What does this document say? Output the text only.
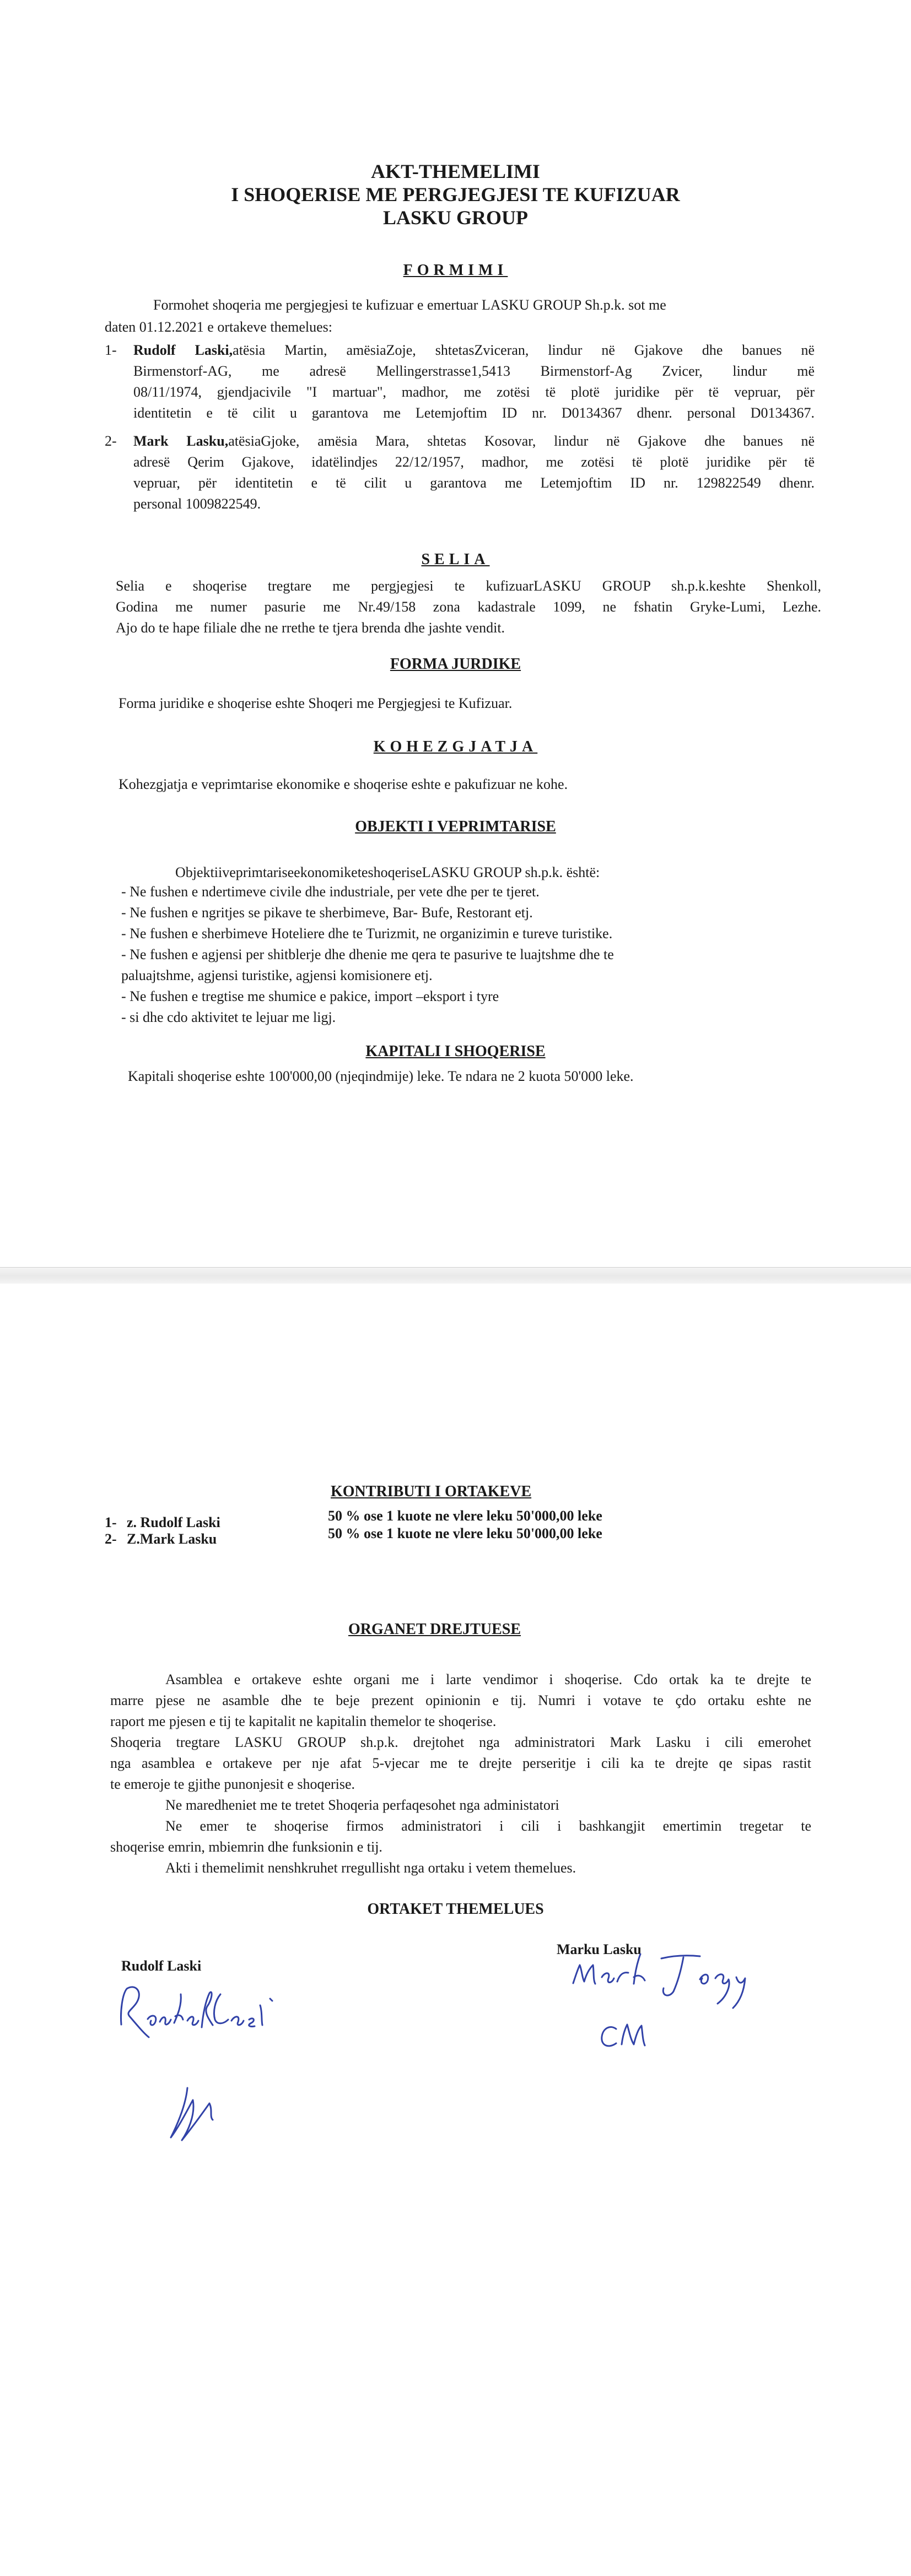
AKT-THEMELIMI
I SHOQERISE ME PERGJEGJESI TE KUFIZUAR
LASKU GROUP
FORMIMI
Formohet shoqeria me pergjegjesi te kufizuar e emertuar LASKU GROUP Sh.p.k. sot me
daten 01.12.2021 e ortakeve themelues:
1- Rudolf Laski,atësia Martin, amësiaZoje, shtetasZviceran, lindur në Gjakove dhe banues në
Birmenstorf-AG, me adresë Mellingerstrasse1,5413 Birmenstorf-Ag Zvicer, lindur më
08/11/1974, gjendjacivile "I martuar", madhor, me zotësi të plotë juridike për të vepruar, për
identitetin e të cilit u garantova me Letemjoftim ID nr. D0134367 dhenr. personal D0134367.
2- Mark Lasku,atësiaGjoke, amësia Mara, shtetas Kosovar, lindur në Gjakove dhe banues në
adresë Qerim Gjakove, idatëlindjes 22/12/1957, madhor, me zotësi të plotë juridike për të
vepruar, për identitetin e të cilit u garantova me Letemjoftim ID nr. 129822549 dhenr.
personal 1009822549.
SELIA
Selia e shoqerise tregtare me pergjegjesi te kufizuarLASKU GROUP sh.p.k.keshte Shenkoll,
Godina me numer pasurie me Nr.49/158 zona kadastrale 1099, ne fshatin Gryke-Lumi, Lezhe.
Ajo do te hape filiale dhe ne rrethe te tjera brenda dhe jashte vendit.
FORMA JURDIKE
Forma juridike e shoqerise eshte Shoqeri me Pergjegjesi te Kufizuar.
KOHEZGJATJA
Kohezgjatja e veprimtarise ekonomike e shoqerise eshte e pakufizuar ne kohe.
OBJEKTI I VEPRIMTARISE
ObjektiiveprimtariseekonomiketeshoqeriseLASKU GROUP sh.p.k. është:
- Ne fushen e ndertimeve civile dhe industriale, per vete dhe per te tjeret.
- Ne fushen e ngritjes se pikave te sherbimeve, Bar- Bufe, Restorant etj.
- Ne fushen e sherbimeve Hoteliere dhe te Turizmit, ne organizimin e tureve turistike.
- Ne fushen e agjensi per shitblerje dhe dhenie me qera te pasurive te luajtshme dhe te
paluajtshme, agjensi turistike, agjensi komisionere etj.
- Ne fushen e tregtise me shumice e pakice, import –eksport i tyre
- si dhe cdo aktivitet te lejuar me ligj.
KAPITALI I SHOQERISE
Kapitali shoqerise eshte 100'000,00 (njeqindmije) leke. Te ndara ne 2 kuota 50'000 leke.
KONTRIBUTI I ORTAKEVE
1- z. Rudolf Laski	50 % ose 1 kuote ne vlere leku 50'000,00 leke
2- Z.Mark Lasku	50 % ose 1 kuote ne vlere leku 50'000,00 leke
ORGANET DREJTUESE
Asamblea e ortakeve eshte organi me i larte vendimor i shoqerise. Cdo ortak ka te drejte te
marre pjese ne asamble dhe te beje prezent opinionin e tij. Numri i votave te çdo ortaku eshte ne
raport me pjesen e tij te kapitalit ne kapitalin themelor te shoqerise.
Shoqeria tregtare LASKU GROUP sh.p.k. drejtohet nga administratori Mark Lasku i cili emerohet
nga asamblea e ortakeve per nje afat 5-vjecar me te drejte perseritje i cili ka te drejte qe sipas rastit
te emeroje te gjithe punonjesit e shoqerise.
Ne maredheniet me te tretet Shoqeria perfaqesohet nga administatori
Ne emer te shoqerise firmos administratori i cili i bashkangjit emertimin tregetar te
shoqerise emrin, mbiemrin dhe funksionin e tij.
Akti i themelimit nenshkruhet rregullisht nga ortaku i vetem themelues.
ORTAKET THEMELUES
Marku Lasku
Rudolf Laski
